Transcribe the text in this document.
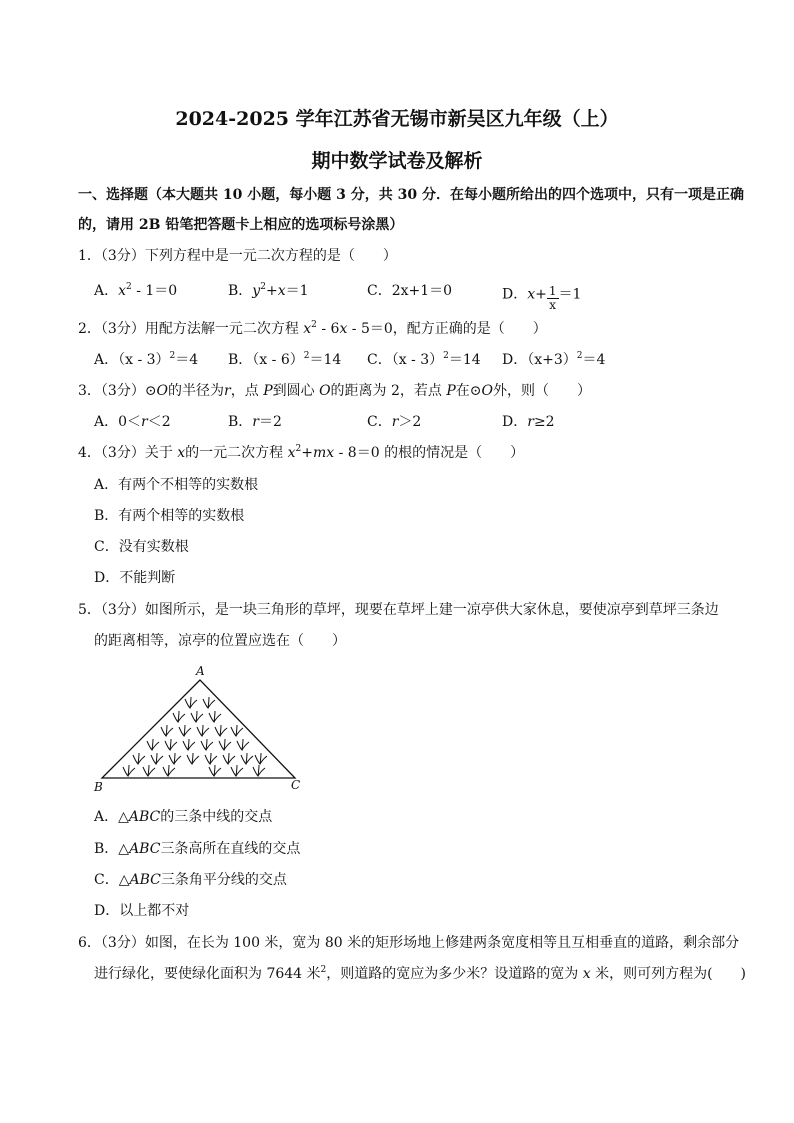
2024-2025 学年江苏省无锡市新吴区九年级（上）
期中数学试卷及解析
一、选择题（本大题共 10 小题，每小题 3 分，共 30 分．在每小题所给出的四个选项中，只有一项是正确
的，请用 2B 铅笔把答题卡上相应的选项标号涂黑）
1．（3分）下列方程中是一元二次方程的是（　　）
A．$x^2 - 1=0$	B．$y^2+x=1$	C．2x+1＝0	D．$x+ \frac{1}{x} =1$
2．（3分）用配方法解一元二次方程 $x^2 - 6x - 5=0$，配方正确的是（　　）
A．（x - 3）$^2$＝4 B．（x - 6）$^2$＝14 C．（x - 3）$^2$＝14 D．$(x+3)^2=4$
3．（3分）⊙O的半径为r，点 P到圆心 O的距离为 2，若点 P在⊙O外，则（　　）
A．0＜r＜2	B．r＝2	C．r＞2	D．r≥2
4．（3分）关于 x的一元二次方程 $x^2+mx - 8=0$ 的根的情况是（　　）
A．有两个不相等的实数根
B．有两个相等的实数根
C．没有实数根
D．不能判断
5．（3分）如图所示，是一块三角形的草坪，现要在草坪上建一凉亭供大家休息，要使凉亭到草坪三条边
的距离相等，凉亭的位置应选在（　　）
A
B	C
A．△ABC的三条中线的交点
B．△ABC三条高所在直线的交点
C．△ABC三条角平分线的交点
D．以上都不对
6．（3分）如图，在长为 100 米，宽为 80 米的矩形场地上修建两条宽度相等且互相垂直的道路，剩余部分
进行绿化，要使绿化面积为 7644 米$^2$，则道路的宽应为多少米？设道路的宽为 x 米，则可列方程为(　　)
